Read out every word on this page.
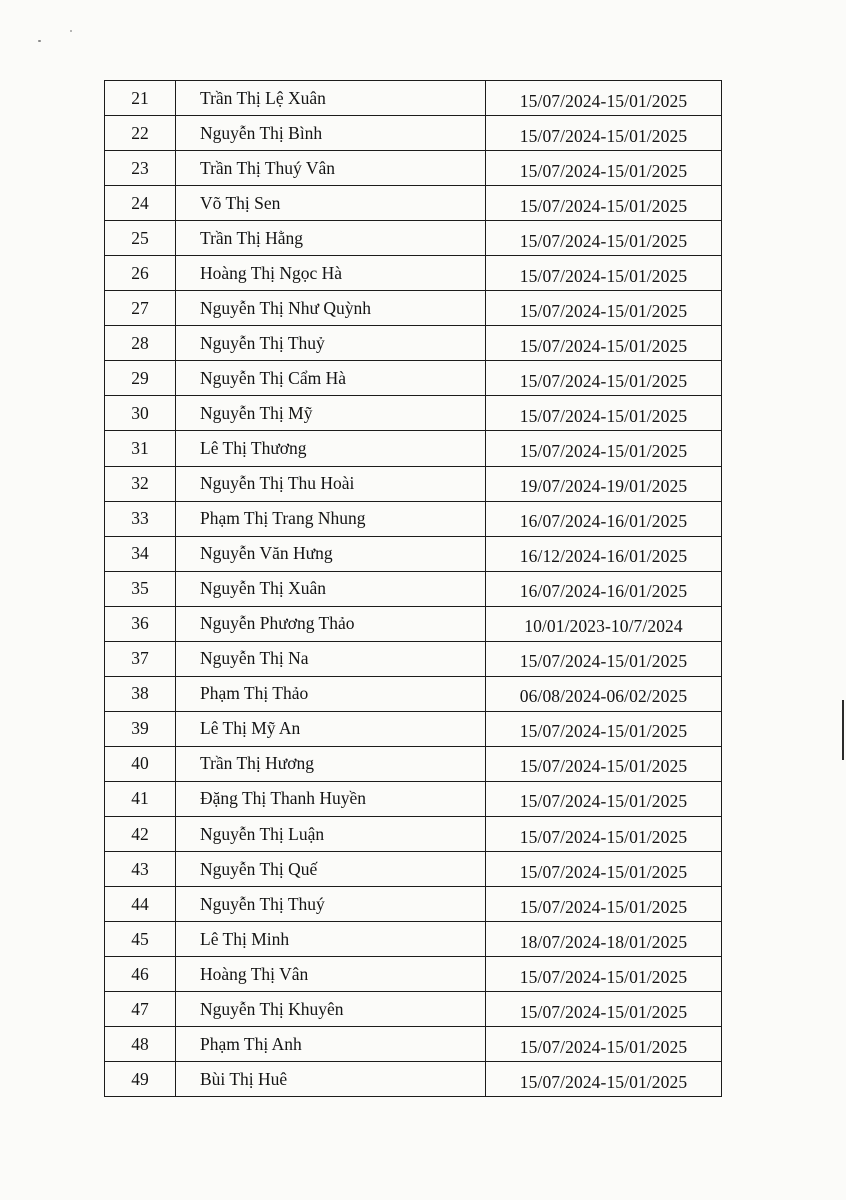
21	Trần Thị Lệ Xuân	15/07/2024-15/01/2025
22	Nguyễn Thị Bình	15/07/2024-15/01/2025
23	Trần Thị Thuý Vân	15/07/2024-15/01/2025
24	Võ Thị Sen	15/07/2024-15/01/2025
25	Trần Thị Hằng	15/07/2024-15/01/2025
26	Hoàng Thị Ngọc Hà	15/07/2024-15/01/2025
27	Nguyễn Thị Như Quỳnh	15/07/2024-15/01/2025
28	Nguyễn Thị Thuỷ	15/07/2024-15/01/2025
29	Nguyễn Thị Cẩm Hà	15/07/2024-15/01/2025
30	Nguyễn Thị Mỹ	15/07/2024-15/01/2025
31	Lê Thị Thương	15/07/2024-15/01/2025
32	Nguyễn Thị Thu Hoài	19/07/2024-19/01/2025
33	Phạm Thị Trang Nhung	16/07/2024-16/01/2025
34	Nguyễn Văn Hưng	16/12/2024-16/01/2025
35	Nguyễn Thị Xuân	16/07/2024-16/01/2025
36	Nguyễn Phương Thảo	10/01/2023-10/7/2024
37	Nguyễn Thị Na	15/07/2024-15/01/2025
38	Phạm Thị Thảo	06/08/2024-06/02/2025
39	Lê Thị Mỹ An	15/07/2024-15/01/2025
40	Trần Thị Hương	15/07/2024-15/01/2025
41	Đặng Thị Thanh Huyền	15/07/2024-15/01/2025
42	Nguyễn Thị Luận	15/07/2024-15/01/2025
43	Nguyễn Thị Quế	15/07/2024-15/01/2025
44	Nguyễn Thị Thuý	15/07/2024-15/01/2025
45	Lê Thị Minh	18/07/2024-18/01/2025
46	Hoàng Thị Vân	15/07/2024-15/01/2025
47	Nguyễn Thị Khuyên	15/07/2024-15/01/2025
48	Phạm Thị Anh	15/07/2024-15/01/2025
49	Bùi Thị Huê	15/07/2024-15/01/2025
